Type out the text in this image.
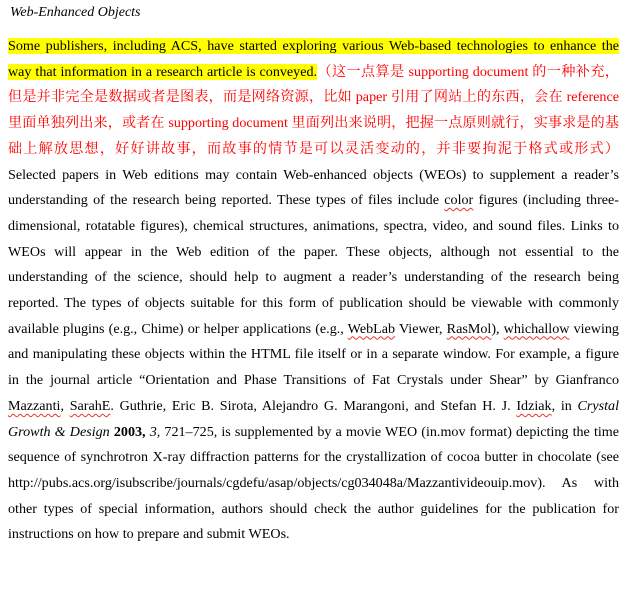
Web-Enhanced Objects

Some publishers, including ACS, have started exploring various Web-based technologies to enhance the way that information in a research article is conveyed.（这一点算是 supporting document 的一种补充，但是并非完全是数据或者是图表，而是网络资源，比如 paper 引用了网站上的东西，会在 reference 里面单独列出来，或者在 supporting document 里面列出来说明，把握一点原则就行，实事求是的基础上解放思想，好好讲故事，而故事的情节是可以灵活变动的，并非要拘泥于格式或形式） Selected papers in Web editions may contain Web-enhanced objects (WEOs) to supplement a reader’s understanding of the research being reported. These types of files include color figures (including three-dimensional, rotatable figures), chemical structures, animations, spectra, video, and sound files. Links to WEOs will appear in the Web edition of the paper. These objects, although not essential to the understanding of the science, should help to augment a reader’s understanding of the research being reported. The types of objects suitable for this form of publication should be viewable with commonly available plugins (e.g., Chime) or helper applications (e.g., WebLab Viewer, RasMol), whichallow viewing and manipulating these objects within the HTML file itself or in a separate window. For example, a figure in the journal article “Orientation and Phase Transitions of Fat Crystals under Shear” by Gianfranco Mazzanti, SarahE. Guthrie, Eric B. Sirota, Alejandro G. Marangoni, and Stefan H. J. Idziak, in Crystal Growth & Design 2003, 3, 721–725, is supplemented by a movie WEO (in.mov format) depicting the time sequence of synchrotron X-ray diffraction patterns for the crystallization of cocoa butter in chocolate (see http://pubs.acs.org/isubscribe/journals/cgdefu/asap/objects/cg034048a/Mazzantivideouip.mov). As with other types of special information, authors should check the author guidelines for the publication for instructions on how to prepare and submit WEOs.
